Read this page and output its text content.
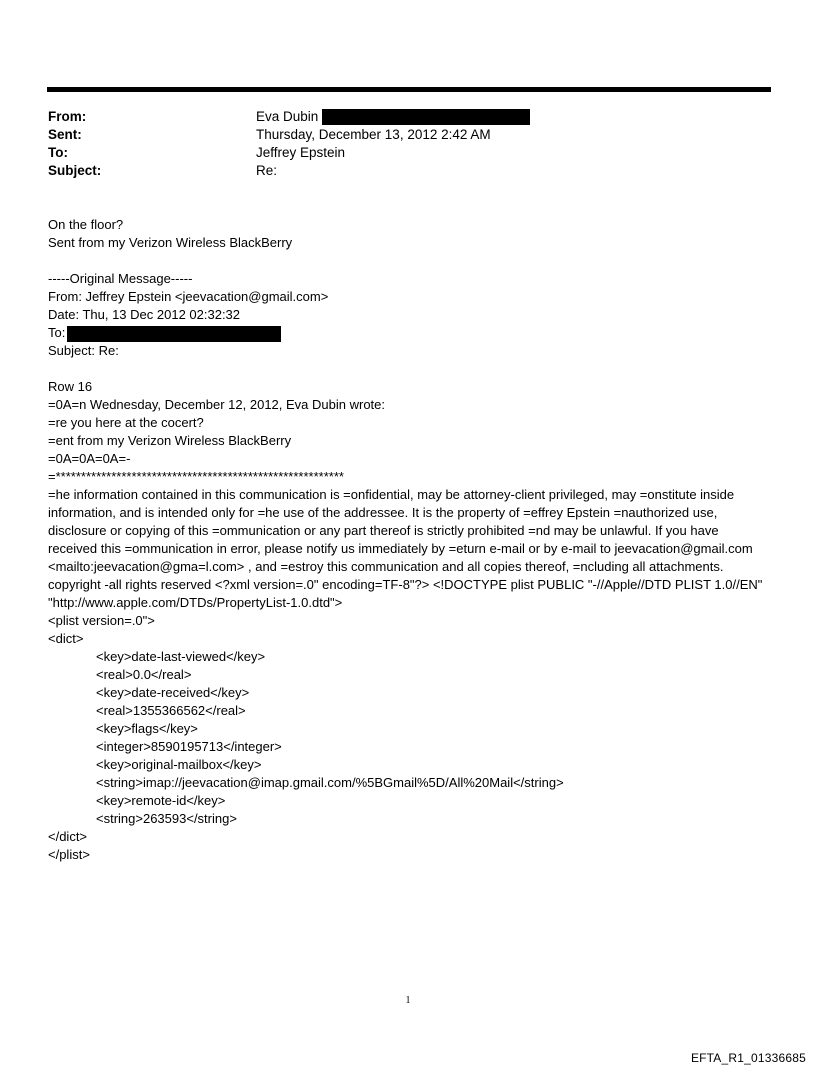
From:	Eva Dubin
Sent:	Thursday, December 13, 2012 2:42 AM
To:	Jeffrey Epstein
Subject:	Re:
On the floor?
Sent from my Verizon Wireless BlackBerry
-----Original Message-----
From: Jeffrey Epstein <jeevacation@gmail.com>
Date: Thu, 13 Dec 2012 02:32:32
To:
Subject: Re:
Row 16
=0A=n Wednesday, December 12, 2012, Eva Dubin wrote:
=re you here at the cocert?
=ent from my Verizon Wireless BlackBerry
=0A=0A=0A=-
=*********************************************************
=he information contained in this communication is =onfidential, may be attorney-client privileged, may =onstitute inside information, and is intended only for =he use of the addressee. It is the property of =effrey Epstein =nauthorized use, disclosure or copying of this =ommunication or any part thereof is strictly prohibited =nd may be unlawful. If you have received this =ommunication in error, please notify us immediately by =eturn e-mail or by e-mail to jeevacation@gmail.com <mailto:jeevacation@gma=l.com> , and =estroy this communication and all copies thereof, =ncluding all attachments. copyright -all rights reserved <?xml version=.0" encoding=TF-8"?> <!DOCTYPE plist PUBLIC "-//Apple//DTD PLIST 1.0//EN" "http://www.apple.com/DTDs/PropertyList-1.0.dtd">
<plist version=.0">
<dict>
<key>date-last-viewed</key>
<real>0.0</real>
<key>date-received</key>
<real>1355366562</real>
<key>flags</key>
<integer>8590195713</integer>
<key>original-mailbox</key>
<string>imap://jeevacation@imap.gmail.com/%5BGmail%5D/All%20Mail</string>
<key>remote-id</key>
<string>263593</string>
</dict>
</plist>
1
EFTA_R1_01336685
